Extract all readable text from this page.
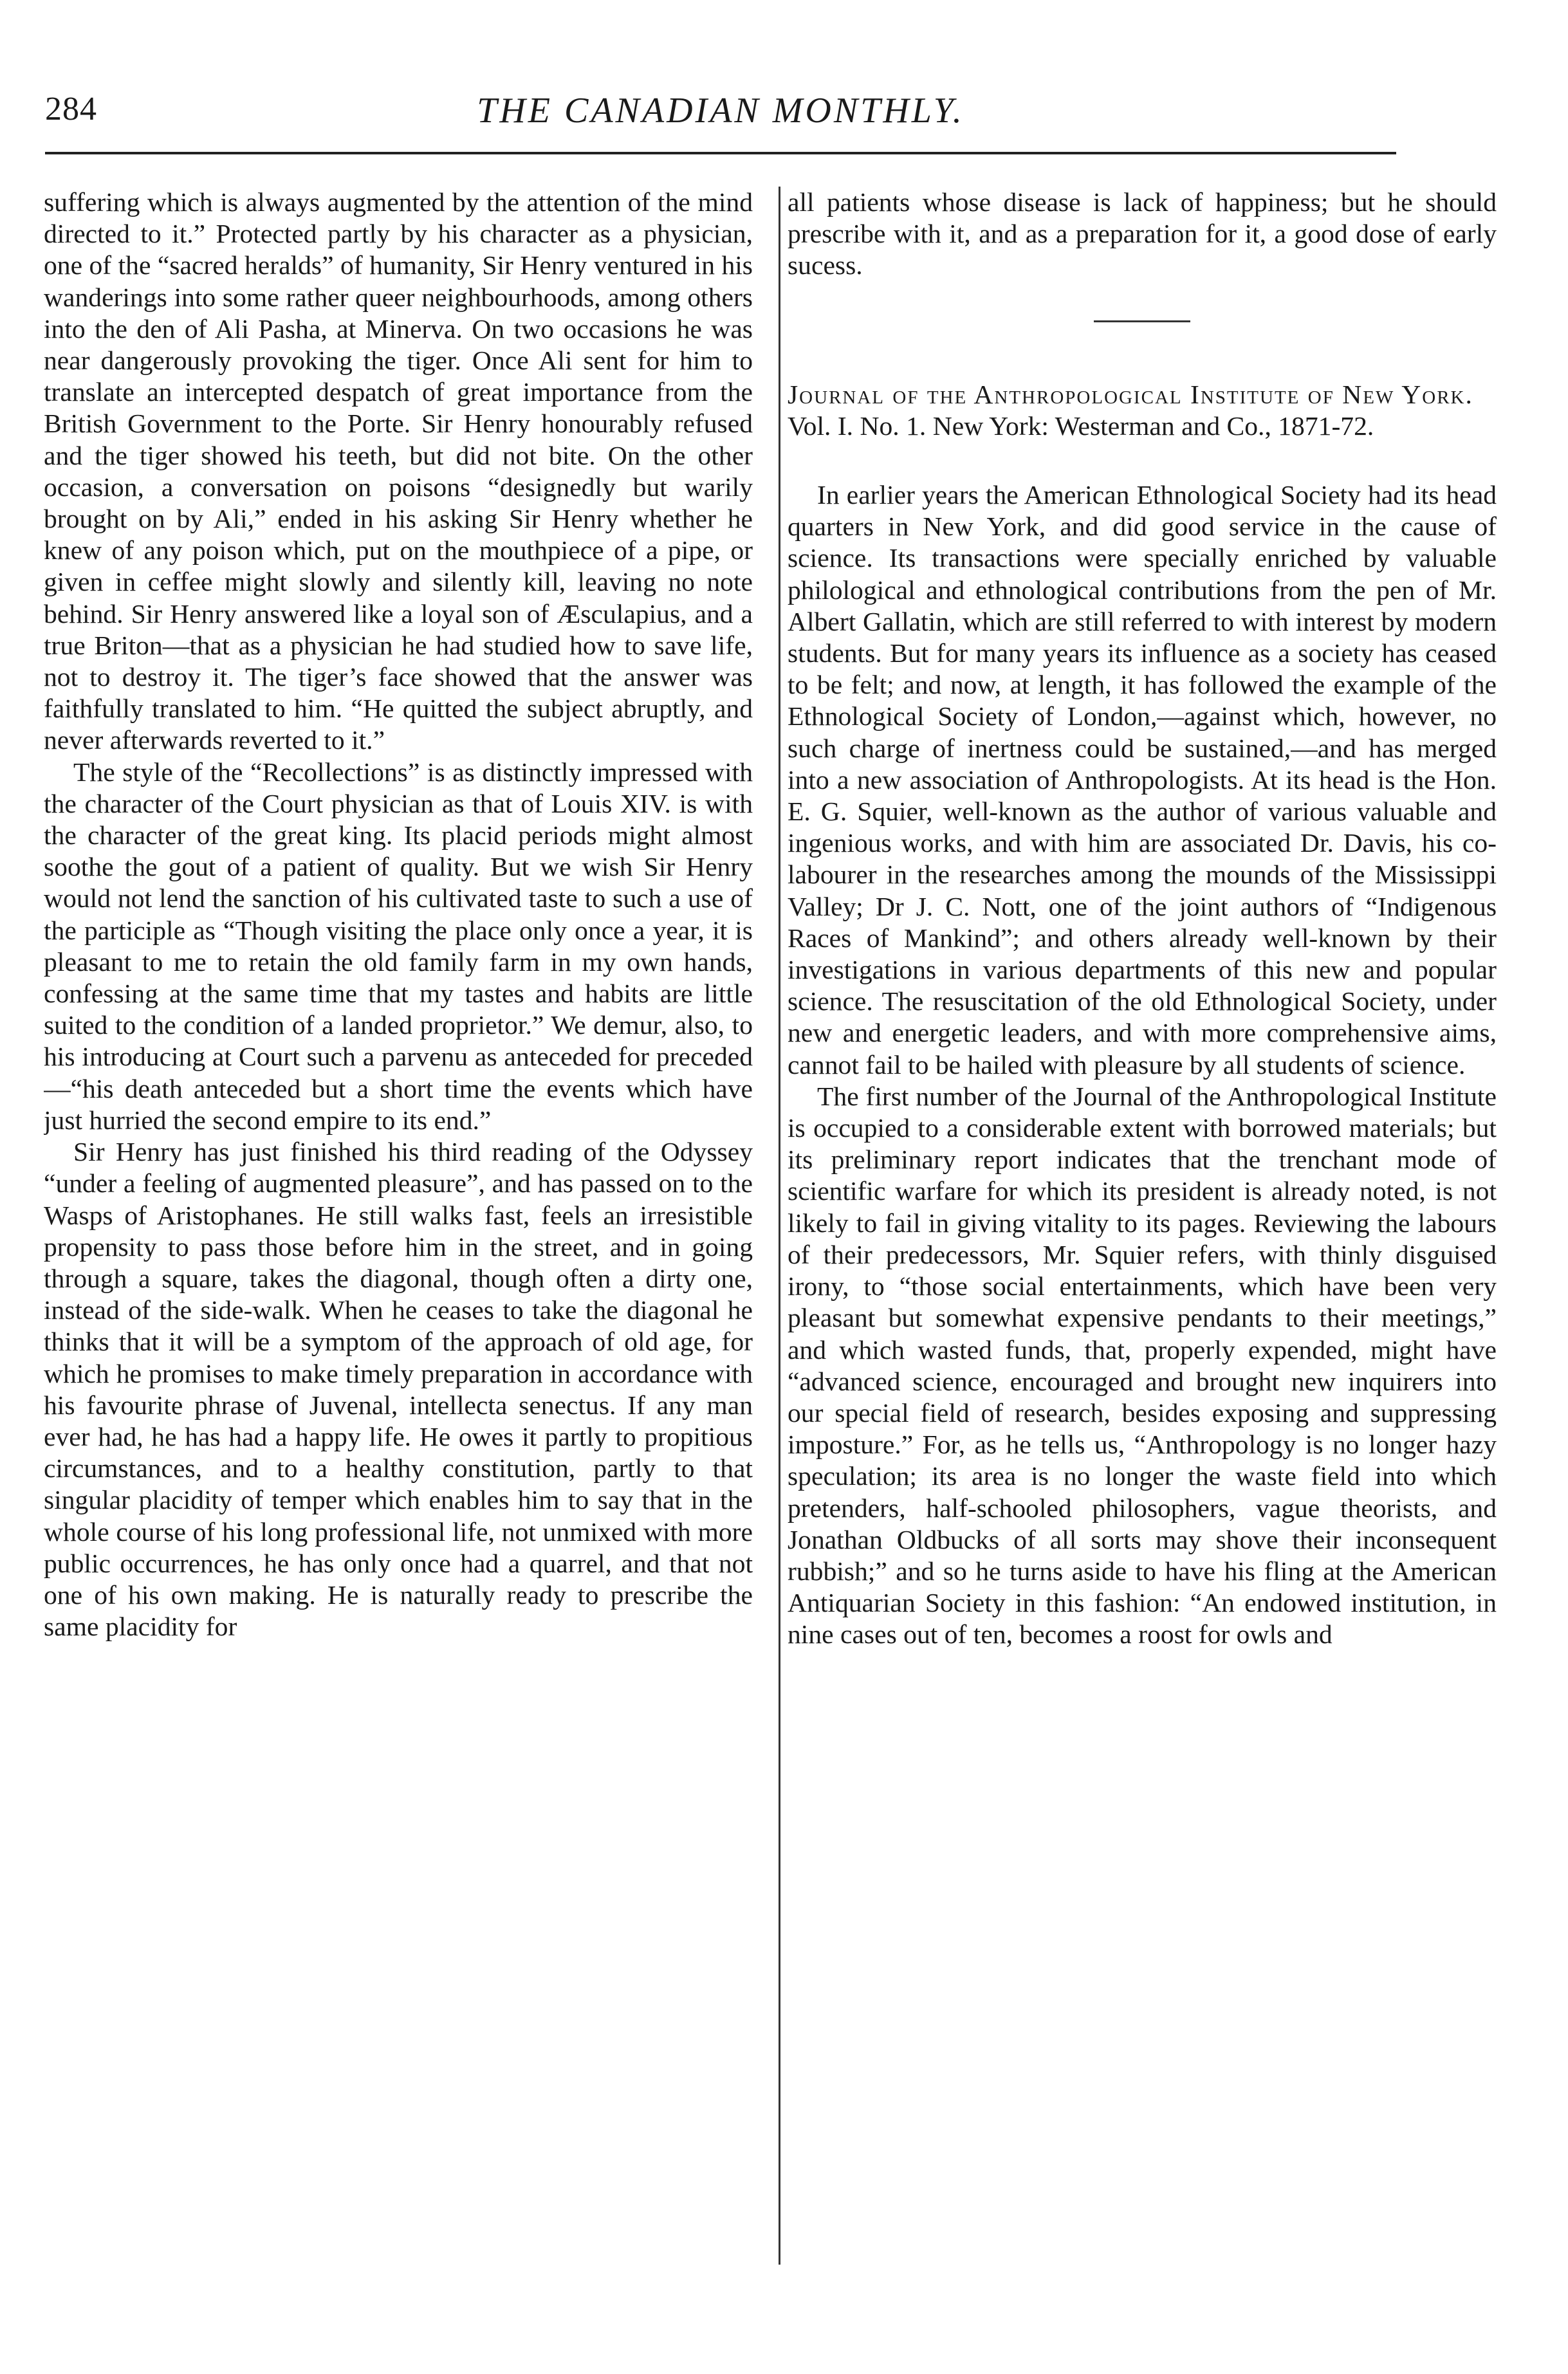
284	THE CANADIAN MONTHLY.

suffering which is always augmented by the attention of the mind directed to it.” Protected partly by his character as a physician, one of the “sacred heralds” of humanity, Sir Henry ventured in his wanderings into some rather queer neighbourhoods, among others into the den of Ali Pasha, at Minerva. On two occasions he was near dangerously provoking the tiger. Once Ali sent for him to translate an intercepted despatch of great importance from the British Government to the Porte. Sir Henry honourably refused and the tiger showed his teeth, but did not bite. On the other occasion, a conversation on poisons “designedly but warily brought on by Ali,” ended in his asking Sir Henry whether he knew of any poison which, put on the mouthpiece of a pipe, or given in ceffee might slowly and silently kill, leaving no note behind. Sir Henry answered like a loyal son of Æsculapius, and a true Briton—that as a physician he had studied how to save life, not to destroy it. The tiger’s face showed that the answer was faithfully translated to him. “He quitted the subject abruptly, and never afterwards reverted to it.”

The style of the “Recollections” is as distinctly impressed with the character of the Court physician as that of Louis XIV. is with the character of the great king. Its placid periods might almost soothe the gout of a patient of quality. But we wish Sir Henry would not lend the sanction of his cultivated taste to such a use of the participle as “Though visiting the place only once a year, it is pleasant to me to retain the old family farm in my own hands, confessing at the same time that my tastes and habits are little suited to the condition of a landed proprietor.” We demur, also, to his introducing at Court such a parvenu as anteceded for preceded—“his death anteceded but a short time the events which have just hurried the second empire to its end.”

Sir Henry has just finished his third reading of the Odyssey “under a feeling of augmented pleasure”, and has passed on to the Wasps of Aristophanes. He still walks fast, feels an irresistible propensity to pass those before him in the street, and in going through a square, takes the diagonal, though often a dirty one, instead of the side-walk. When he ceases to take the diagonal he thinks that it will be a symptom of the approach of old age, for which he promises to make timely preparation in accordance with his favourite phrase of Juvenal, intellecta senectus. If any man ever had, he has had a happy life. He owes it partly to propitious circumstances, and to a healthy constitution, partly to that singular placidity of temper which enables him to say that in the whole course of his long professional life, not unmixed with more public occurrences, he has only once had a quarrel, and that not one of his own making. He is naturally ready to prescribe the same placidity for

all patients whose disease is lack of happiness; but he should prescribe with it, and as a preparation for it, a good dose of early sucess.

Journal of the Anthropological Institute of New York. Vol. I. No. 1. New York: Westerman and Co., 1871-72.

In earlier years the American Ethnological Society had its head quarters in New York, and did good service in the cause of science. Its transactions were specially enriched by valuable philological and ethnological contributions from the pen of Mr. Albert Gallatin, which are still referred to with interest by modern students. But for many years its influence as a society has ceased to be felt; and now, at length, it has followed the example of the Ethnological Society of London,—against which, however, no such charge of inertness could be sustained,—and has merged into a new association of Anthropologists. At its head is the Hon. E. G. Squier, well-known as the author of various valuable and ingenious works, and with him are associated Dr. Davis, his co-labourer in the researches among the mounds of the Mississippi Valley; Dr J. C. Nott, one of the joint authors of “Indigenous Races of Mankind”; and others already well-known by their investigations in various departments of this new and popular science. The resuscitation of the old Ethnological Society, under new and energetic leaders, and with more comprehensive aims, cannot fail to be hailed with pleasure by all students of science.

The first number of the Journal of the Anthropological Institute is occupied to a considerable extent with borrowed materials; but its preliminary report indicates that the trenchant mode of scientific warfare for which its president is already noted, is not likely to fail in giving vitality to its pages. Reviewing the labours of their predecessors, Mr. Squier refers, with thinly disguised irony, to “those social entertainments, which have been very pleasant but somewhat expensive pendants to their meetings,” and which wasted funds, that, properly expended, might have “advanced science, encouraged and brought new inquirers into our special field of research, besides exposing and suppressing imposture.” For, as he tells us, “Anthropology is no longer hazy speculation; its area is no longer the waste field into which pretenders, half-schooled philosophers, vague theorists, and Jonathan Oldbucks of all sorts may shove their inconsequent rubbish;” and so he turns aside to have his fling at the American Antiquarian Society in this fashion: “An endowed institution, in nine cases out of ten, becomes a roost for owls and
